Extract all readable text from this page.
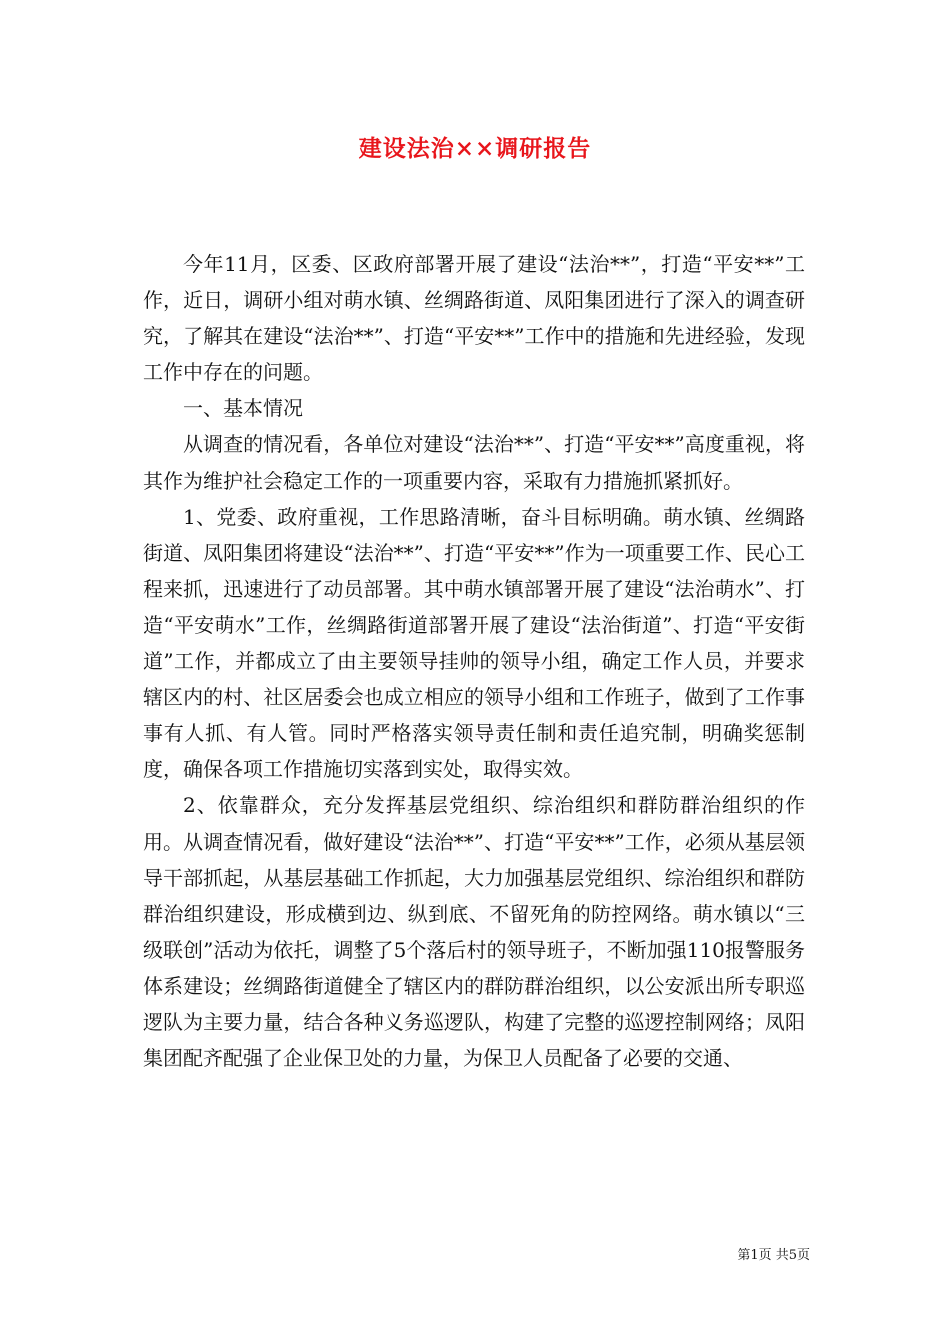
建设法治××调研报告

今年11月，区委、区政府部署开展了建设“法治**”，打造“平安**”工作，近日，调研小组对萌水镇、丝绸路街道、凤阳集团进行了深入的调查研究，了解其在建设“法治**”、打造“平安**”工作中的措施和先进经验，发现工作中存在的问题。

一、基本情况

从调查的情况看，各单位对建设“法治**”、打造“平安**”高度重视，将其作为维护社会稳定工作的一项重要内容，采取有力措施抓紧抓好。

1、党委、政府重视，工作思路清晰，奋斗目标明确。萌水镇、丝绸路街道、凤阳集团将建设“法治**”、打造“平安**”作为一项重要工作、民心工程来抓，迅速进行了动员部署。其中萌水镇部署开展了建设“法治萌水”、打造“平安萌水”工作，丝绸路街道部署开展了建设“法治街道”、打造“平安街道”工作，并都成立了由主要领导挂帅的领导小组，确定工作人员，并要求辖区内的村、社区居委会也成立相应的领导小组和工作班子，做到了工作事事有人抓、有人管。同时严格落实领导责任制和责任追究制，明确奖惩制度，确保各项工作措施切实落到实处，取得实效。

2、依靠群众，充分发挥基层党组织、综治组织和群防群治组织的作用。从调查情况看，做好建设“法治**”、打造“平安**”工作，必须从基层领导干部抓起，从基层基础工作抓起，大力加强基层党组织、综治组织和群防群治组织建设，形成横到边、纵到底、不留死角的防控网络。萌水镇以“三级联创”活动为依托，调整了5个落后村的领导班子，不断加强110报警服务体系建设；丝绸路街道健全了辖区内的群防群治组织，以公安派出所专职巡逻队为主要力量，结合各种义务巡逻队，构建了完整的巡逻控制网络；凤阳集团配齐配强了企业保卫处的力量，为保卫人员配备了必要的交通、

第1页 共5页
